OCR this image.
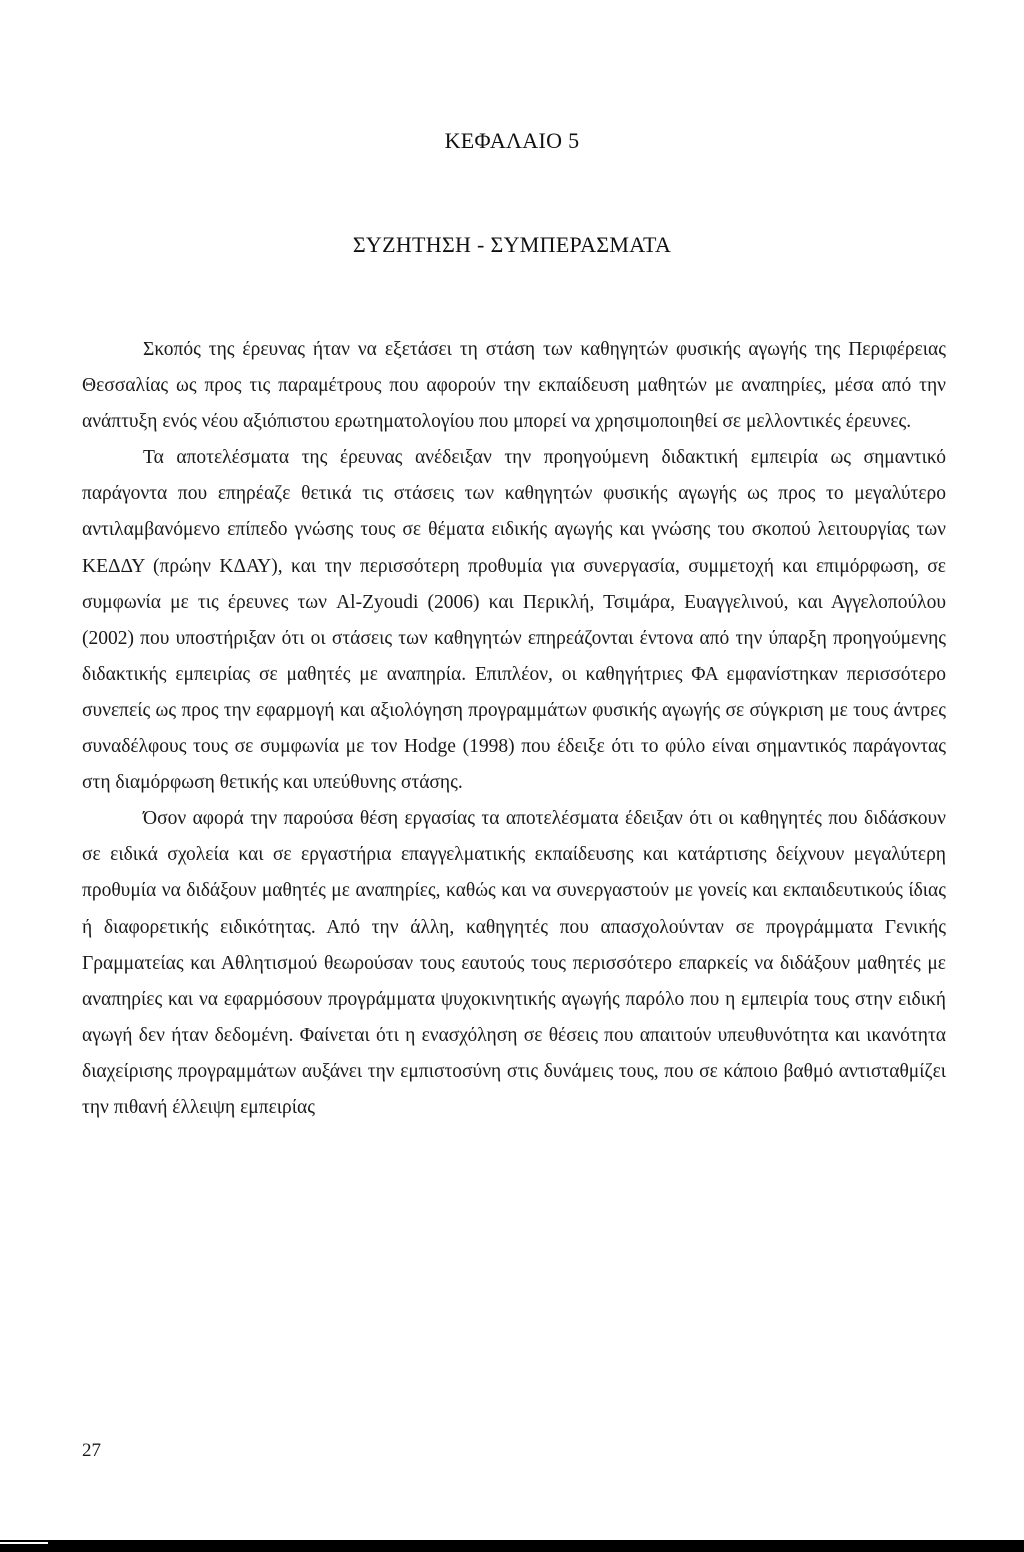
ΚΕΦΑΛΑΙΟ 5
ΣΥΖΗΤΗΣΗ - ΣΥΜΠΕΡΑΣΜΑΤΑ

Σκοπός της έρευνας ήταν να εξετάσει τη στάση των καθηγητών φυσικής αγωγής της Περιφέρειας Θεσσαλίας ως προς τις παραμέτρους που αφορούν την εκπαίδευση μαθητών με αναπηρίες, μέσα από την ανάπτυξη ενός νέου αξιόπιστου ερωτηματολογίου που μπορεί να χρησιμοποιηθεί σε μελλοντικές έρευνες.

Τα αποτελέσματα της έρευνας ανέδειξαν την προηγούμενη διδακτική εμπειρία ως σημαντικό παράγοντα που επηρέαζε θετικά τις στάσεις των καθηγητών φυσικής αγωγής ως προς το μεγαλύτερο αντιλαμβανόμενο επίπεδο γνώσης τους σε θέματα ειδικής αγωγής και γνώσης του σκοπού λειτουργίας των ΚΕΔΔΥ (πρώην ΚΔΑΥ), και την περισσότερη προθυμία για συνεργασία, συμμετοχή και επιμόρφωση, σε συμφωνία με τις έρευνες των Al-Zyoudi (2006) και Περικλή, Τσιμάρα, Ευαγγελινού, και Αγγελοπούλου (2002) που υποστήριξαν ότι οι στάσεις των καθηγητών επηρεάζονται έντονα από την ύπαρξη προηγούμενης διδακτικής εμπειρίας σε μαθητές με αναπηρία. Επιπλέον, οι καθηγήτριες ΦΑ εμφανίστηκαν περισσότερο συνεπείς ως προς την εφαρμογή και αξιολόγηση προγραμμάτων φυσικής αγωγής σε σύγκριση με τους άντρες συναδέλφους τους σε συμφωνία με τον Hodge (1998) που έδειξε ότι το φύλο είναι σημαντικός παράγοντας στη διαμόρφωση θετικής και υπεύθυνης στάσης.

Όσον αφορά την παρούσα θέση εργασίας τα αποτελέσματα έδειξαν ότι οι καθηγητές που διδάσκουν σε ειδικά σχολεία και σε εργαστήρια επαγγελματικής εκπαίδευσης και κατάρτισης δείχνουν μεγαλύτερη προθυμία να διδάξουν μαθητές με αναπηρίες, καθώς και να συνεργαστούν με γονείς και εκπαιδευτικούς ίδιας ή διαφορετικής ειδικότητας. Από την άλλη, καθηγητές που απασχολούνταν σε προγράμματα Γενικής Γραμματείας και Αθλητισμού θεωρούσαν τους εαυτούς τους περισσότερο επαρκείς να διδάξουν μαθητές με αναπηρίες και να εφαρμόσουν προγράμματα ψυχοκινητικής αγωγής παρόλο που η εμπειρία τους στην ειδική αγωγή δεν ήταν δεδομένη. Φαίνεται ότι η ενασχόληση σε θέσεις που απαιτούν υπευθυνότητα και ικανότητα διαχείρισης προγραμμάτων αυξάνει την εμπιστοσύνη στις δυνάμεις τους, που σε κάποιο βαθμό αντισταθμίζει την πιθανή έλλειψη εμπειρίας

27
